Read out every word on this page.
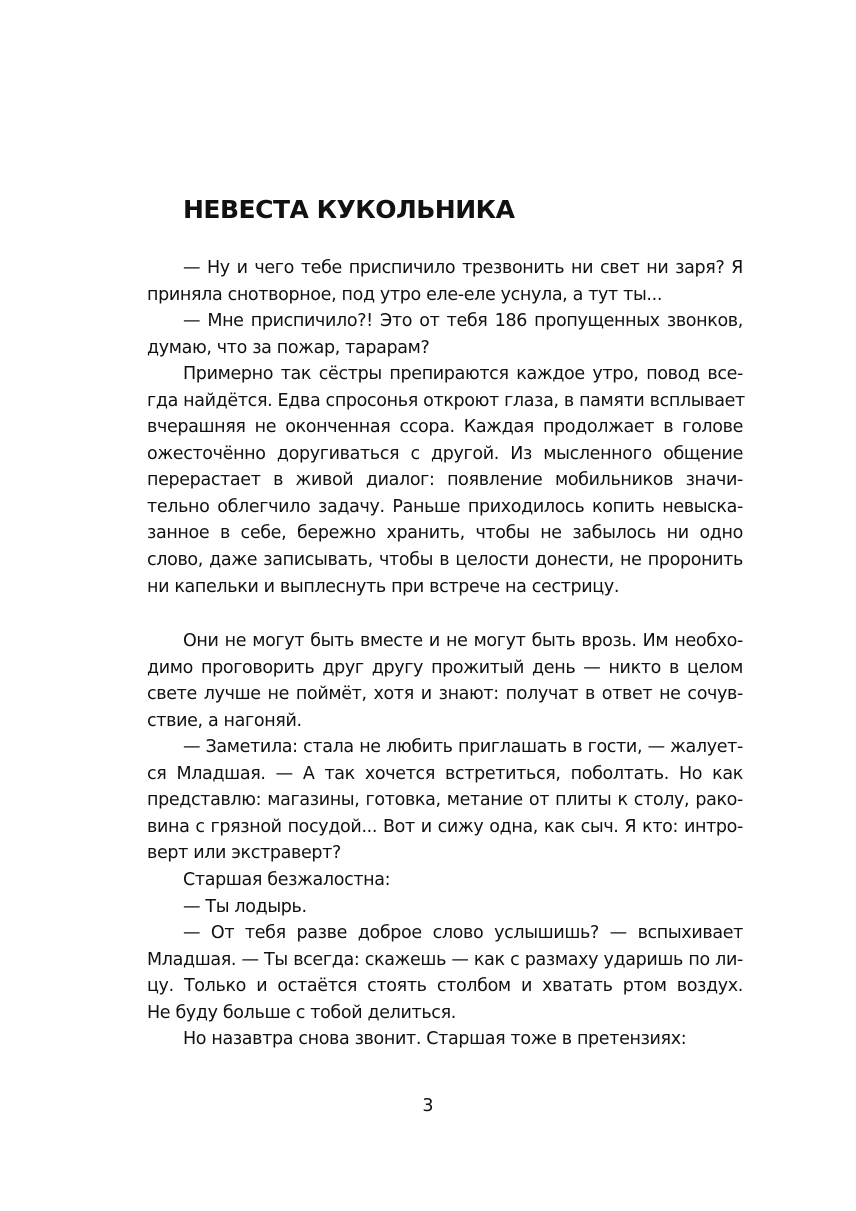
НЕВЕСТА КУКОЛЬНИКА
— Ну и чего тебе приспичило трезвонить ни свет ни заря? Я
приняла снотворное, под утро еле-еле уснула, а тут ты...
— Мне приспичило?! Это от тебя 186 пропущенных звонков,
думаю, что за пожар, тарарам?
Примерно так сёстры препираются каждое утро, повод все-
гда найдётся. Едва спросонья откроют глаза, в памяти всплывает
вчерашняя не оконченная ссора. Каждая продолжает в голове
ожесточённо доругиваться с другой. Из мысленного общение
перерастает в живой диалог: появление мобильников значи-
тельно облегчило задачу. Раньше приходилось копить невыска-
занное в себе, бережно хранить, чтобы не забылось ни одно
слово, даже записывать, чтобы в целости донести, не проронить
ни капельки и выплеснуть при встрече на сестрицу.
Они не могут быть вместе и не могут быть врозь. Им необхо-
димо проговорить друг другу прожитый день — никто в целом
свете лучше не поймёт, хотя и знают: получат в ответ не сочув-
ствие, а нагоняй.
— Заметила: стала не любить приглашать в гости, — жалует-
ся Младшая. — А так хочется встретиться, поболтать. Но как
представлю: магазины, готовка, метание от плиты к столу, рако-
вина с грязной посудой... Вот и сижу одна, как сыч. Я кто: интро-
верт или экстраверт?
Старшая безжалостна:
— Ты лодырь.
— От тебя разве доброе слово услышишь? — вспыхивает
Младшая. — Ты всегда: скажешь — как с размаху ударишь по ли-
цу. Только и остаётся стоять столбом и хватать ртом воздух.
Не буду больше с тобой делиться.
Но назавтра снова звонит. Старшая тоже в претензиях:
3
